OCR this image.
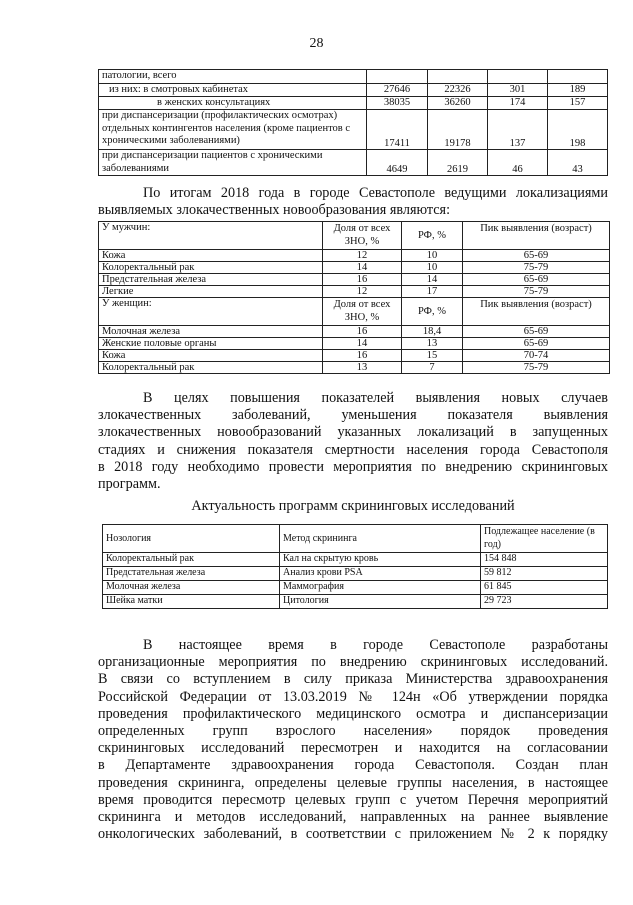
28
патологии, всего				
из них: в смотровых кабинетах	27646	22326	301	189
в женских консультациях	38035	36260	174	157
при диспансеризации (профилактических осмотрах) отдельных контингентов населения (кроме пациентов с хроническими заболеваниями)	17411	19178	137	198
при диспансеризации пациентов с хроническими заболеваниями	4649	2619	46	43
По итогам 2018 года в городе Севастополе ведущими локализациями
выявляемых злокачественных новообразования являются:
У мужчин:	Доля от всех ЗНО, %	РФ, %	Пик выявления (возраст)
Кожа	12	10	65-69
Колоректальный рак	14	10	75-79
Предстательная железа	16	14	65-69
Легкие	12	17	75-79
У женщин:	Доля от всех ЗНО, %	РФ, %	Пик выявления (возраст)
Молочная железа	16	18,4	65-69
Женские половые органы	14	13	65-69
Кожа	16	15	70-74
Колоректальный рак	13	7	75-79
В целях повышения показателей выявления новых случаев
злокачественных заболеваний, уменьшения показателя выявления
злокачественных новообразований указанных локализаций в запущенных
стадиях и снижения показателя смертности населения города Севастополя
в 2018 году необходимо провести мероприятия по внедрению скрининговых
программ.
Актуальность программ скрининговых исследований
Нозология	Метод скрининга	Подлежащее население (в год)
Колоректальный рак	Кал на скрытую кровь	154 848
Предстательная железа	Анализ крови PSA	59 812
Молочная железа	Маммография	61 845
Шейка матки	Цитология	29 723
В настоящее время в городе Севастополе разработаны
организационные мероприятия по внедрению скрининговых исследований.
В связи со вступлением в силу приказа Министерства здравоохранения
Российской Федерации от 13.03.2019 № 124н «Об утверждении порядка
проведения профилактического медицинского осмотра и диспансеризации
определенных групп взрослого населения» порядок проведения
скрининговых исследований пересмотрен и находится на согласовании
в Департаменте здравоохранения города Севастополя. Создан план
проведения скрининга, определены целевые группы населения, в настоящее
время проводится пересмотр целевых групп с учетом Перечня мероприятий
скрининга и методов исследований, направленных на раннее выявление
онкологических заболеваний, в соответствии с приложением № 2 к порядку
